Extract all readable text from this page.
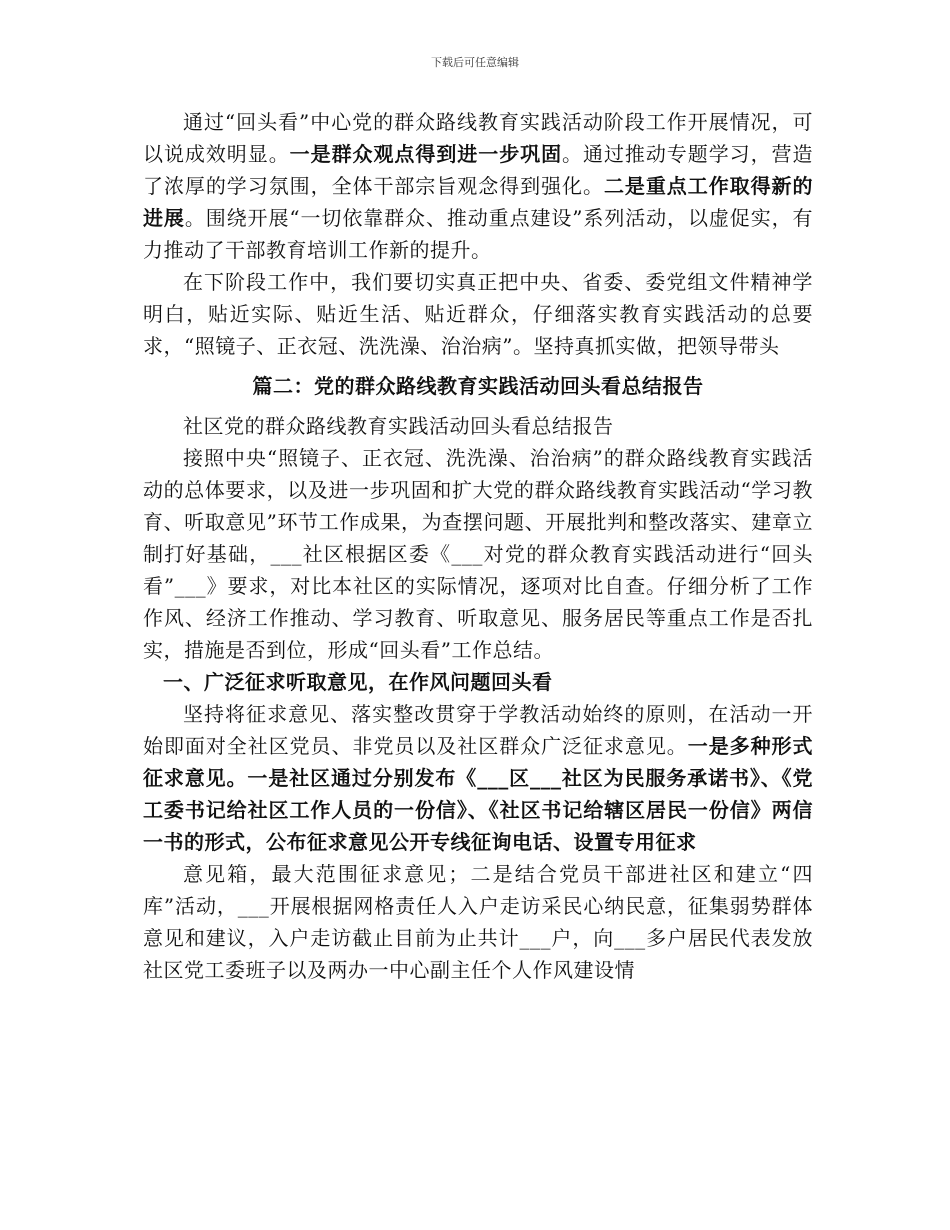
下载后可任意编辑

通过“回头看”中心党的群众路线教育实践活动阶段工作开展情况，可以说成效明显。一是群众观点得到进一步巩固。通过推动专题学习，营造了浓厚的学习氛围，全体干部宗旨观念得到强化。二是重点工作取得新的进展。围绕开展“一切依靠群众、推动重点建设”系列活动，以虚促实，有力推动了干部教育培训工作新的提升。

在下阶段工作中，我们要切实真正把中央、省委、委党组文件精神学明白，贴近实际、贴近生活、贴近群众，仔细落实教育实践活动的总要求，“照镜子、正衣冠、洗洗澡、治治病”。坚持真抓实做，把领导带头

篇二：党的群众路线教育实践活动回头看总结报告

社区党的群众路线教育实践活动回头看总结报告

接照中央“照镜子、正衣冠、洗洗澡、治治病”的群众路线教育实践活动的总体要求，以及进一步巩固和扩大党的群众路线教育实践活动“学习教育、听取意见”环节工作成果，为查摆问题、开展批判和整改落实、建章立制打好基础，___社区根据区委《___对党的群众教育实践活动进行“回头看”___》要求，对比本社区的实际情况，逐项对比自查。仔细分析了工作作风、经济工作推动、学习教育、听取意见、服务居民等重点工作是否扎实，措施是否到位，形成“回头看”工作总结。

一、广泛征求听取意见，在作风问题回头看

坚持将征求意见、落实整改贯穿于学教活动始终的原则，在活动一开始即面对全社区党员、非党员以及社区群众广泛征求意见。一是多种形式征求意见。一是社区通过分别发布《___区___社区为民服务承诺书》、《党工委书记给社区工作人员的一份信》、《社区书记给辖区居民一份信》两信一书的形式，公布征求意见公开专线征询电话、设置专用征求

意见箱，最大范围征求意见；二是结合党员干部进社区和建立“四库”活动，___开展根据网格责任人入户走访采民心纳民意，征集弱势群体意见和建议，入户走访截止目前为止共计___户，向___多户居民代表发放社区党工委班子以及两办一中心副主任个人作风建设情
